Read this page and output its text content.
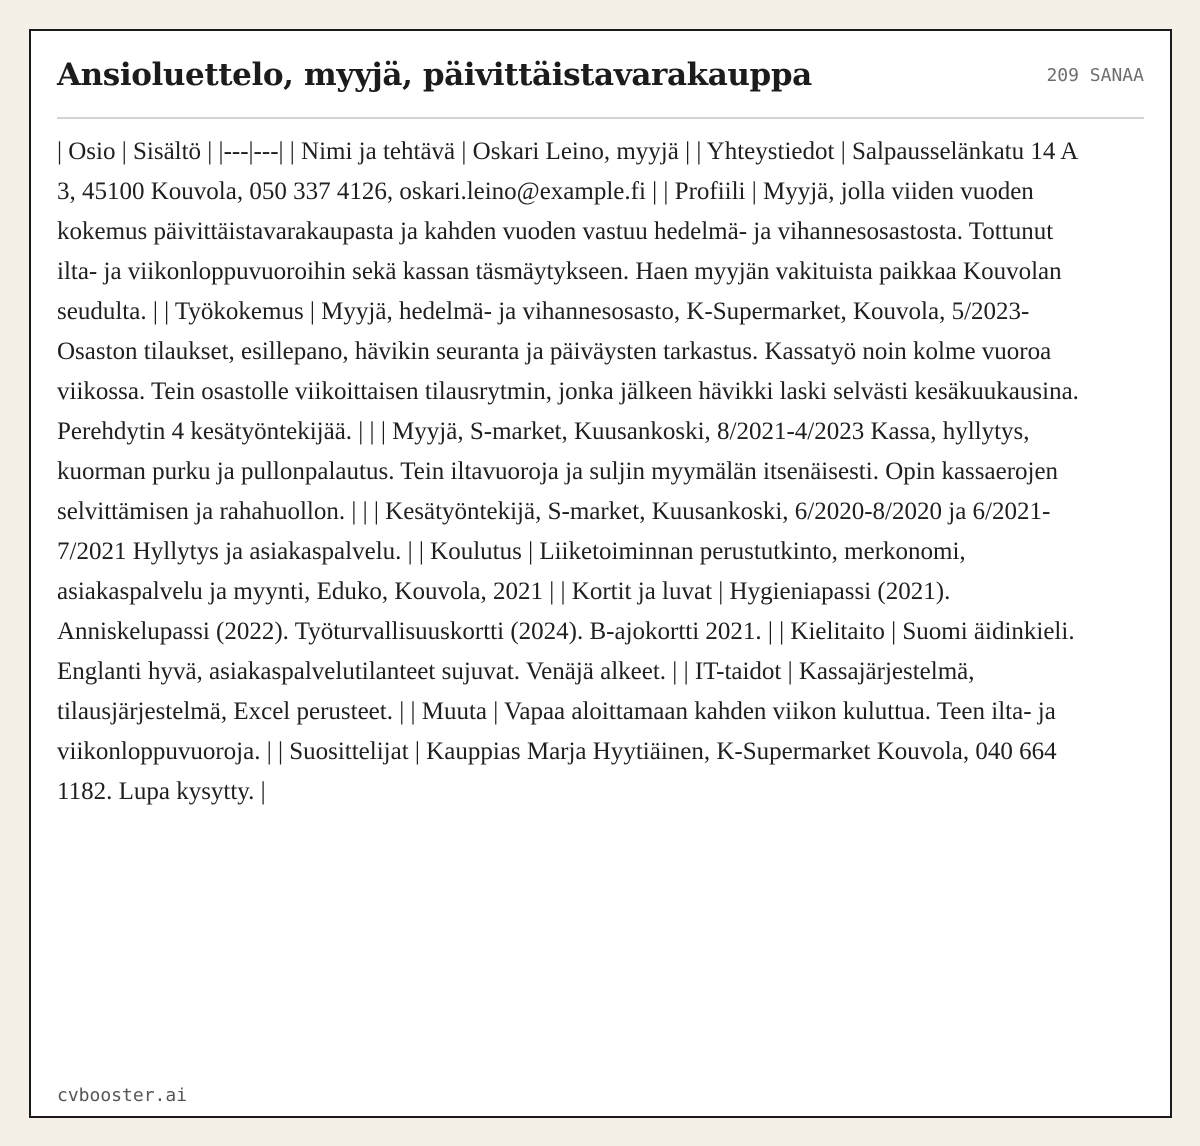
Ansioluettelo, myyjä, päivittäistavarakauppa	209 SANAA

| Osio | Sisältö | |---|---| | Nimi ja tehtävä | Oskari Leino, myyjä | | Yhteystiedot | Salpausselänkatu 14 A 3, 45100 Kouvola, 050 337 4126, oskari.leino@example.fi | | Profiili | Myyjä, jolla viiden vuoden kokemus päivittäistavarakaupasta ja kahden vuoden vastuu hedelmä- ja vihannesosastosta. Tottunut ilta- ja viikonloppuvuoroihin sekä kassan täsmäytykseen. Haen myyjän vakituista paikkaa Kouvolan seudulta. | | Työkokemus | Myyjä, hedelmä- ja vihannesosasto, K-Supermarket, Kouvola, 5/2023- Osaston tilaukset, esillepano, hävikin seuranta ja päiväysten tarkastus. Kassatyö noin kolme vuoroa viikossa. Tein osastolle viikoittaisen tilausrytmin, jonka jälkeen hävikki laski selvästi kesäkuukausina. Perehdytin 4 kesätyöntekijää. | | | Myyjä, S-market, Kuusankoski, 8/2021-4/2023 Kassa, hyllytys, kuorman purku ja pullonpalautus. Tein iltavuoroja ja suljin myymälän itsenäisesti. Opin kassaerojen selvittämisen ja rahahuollon. | | | Kesätyöntekijä, S-market, Kuusankoski, 6/2020-8/2020 ja 6/2021-7/2021 Hyllytys ja asiakaspalvelu. | | Koulutus | Liiketoiminnan perustutkinto, merkonomi, asiakaspalvelu ja myynti, Eduko, Kouvola, 2021 | | Kortit ja luvat | Hygieniapassi (2021). Anniskelupassi (2022). Työturvallisuuskortti (2024). B-ajokortti 2021. | | Kielitaito | Suomi äidinkieli. Englanti hyvä, asiakaspalvelutilanteet sujuvat. Venäjä alkeet. | | IT-taidot | Kassajärjestelmä, tilausjärjestelmä, Excel perusteet. | | Muuta | Vapaa aloittamaan kahden viikon kuluttua. Teen ilta- ja viikonloppuvuoroja. | | Suosittelijat | Kauppias Marja Hyytiäinen, K-Supermarket Kouvola, 040 664 1182. Lupa kysytty. |

cvbooster.ai
